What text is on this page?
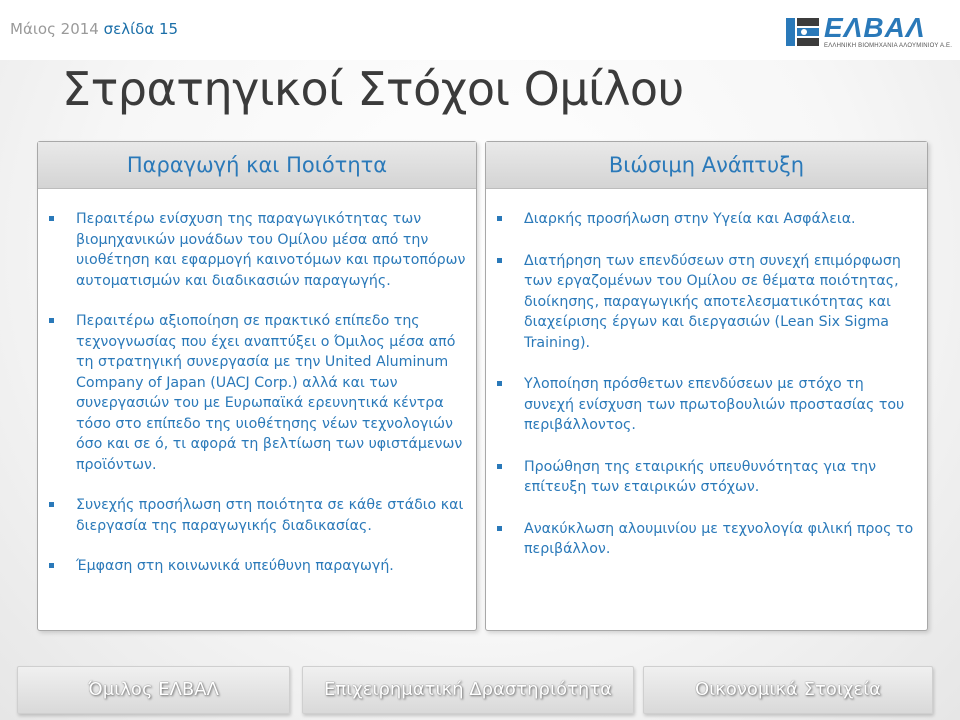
Μάιος 2014 σελίδα 15	ΕΛΒΑΛ
ΕΛΛΗΝΙΚΗ ΒΙΟΜΗΧΑΝΙΑ ΑΛΟΥΜΙΝΙΟΥ Α.Ε.
Στρατηγικοί Στόχοι Ομίλου
Παραγωγή και Ποιότητα
Περαιτέρω ενίσχυση της παραγωγικότητας των βιομηχανικών μονάδων του Ομίλου μέσα από την υιοθέτηση και εφαρμογή καινοτόμων και πρωτοπόρων αυτοματισμών και διαδικασιών παραγωγής.
Περαιτέρω αξιοποίηση σε πρακτικό επίπεδο της τεχνογνωσίας που έχει αναπτύξει ο Όμιλος μέσα από τη στρατηγική συνεργασία με την United Aluminum Company of Japan (UACJ Corp.) αλλά και των συνεργασιών του με Ευρωπαϊκά ερευνητικά κέντρα τόσο στο επίπεδο της υιοθέτησης νέων τεχνολογιών όσο και σε ό, τι αφορά τη βελτίωση των υφιστάμενων προϊόντων.
Συνεχής προσήλωση στη ποιότητα σε κάθε στάδιο και διεργασία της παραγωγικής διαδικασίας.
Έμφαση στη κοινωνικά υπεύθυνη παραγωγή.
Βιώσιμη Ανάπτυξη
Διαρκής προσήλωση στην Υγεία και Ασφάλεια.
Διατήρηση των επενδύσεων στη συνεχή επιμόρφωση των εργαζομένων του Ομίλου σε θέματα ποιότητας, διοίκησης, παραγωγικής αποτελεσματικότητας και διαχείρισης έργων και διεργασιών (Lean Six Sigma Training).
Υλοποίηση πρόσθετων επενδύσεων με στόχο τη συνεχή ενίσχυση των πρωτοβουλιών προστασίας του περιβάλλοντος.
Προώθηση της εταιρικής υπευθυνότητας για την επίτευξη των εταιρικών στόχων.
Ανακύκλωση αλουμινίου με τεχνολογία φιλική προς το περιβάλλον.
Όμιλος ΕΛΒΑΛ	Επιχειρηματική Δραστηριότητα	Οικονομικά Στοιχεία
